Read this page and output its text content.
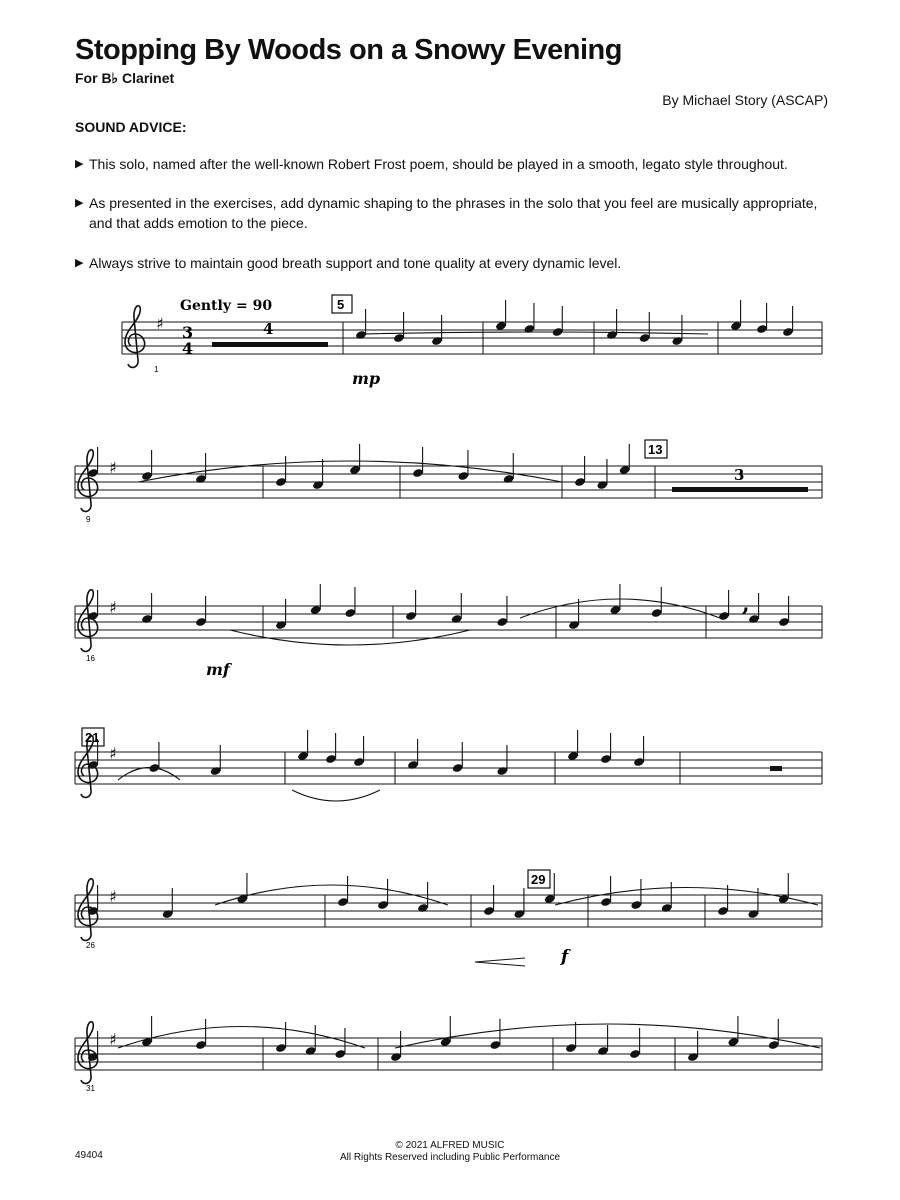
Stopping By Woods on a Snowy Evening
For B♭ Clarinet
By Michael Story (ASCAP)
SOUND ADVICE:
▶ This solo, named after the well-known Robert Frost poem, should be played in a smooth, legato style throughout.
▶ As presented in the exercises, add dynamic shaping to the phrases in the solo that you feel are musically appropriate, and that adds emotion to the piece.
▶ Always strive to maintain good breath support and tone quality at every dynamic level.
♯
♯
♯
♯
♯
♯
Gently = 90
3
4
5
13
21
29
4
3
1
9
16
26
31
mp
mf
f
,
49404
© 2021 ALFRED MUSIC
All Rights Reserved including Public Performance
